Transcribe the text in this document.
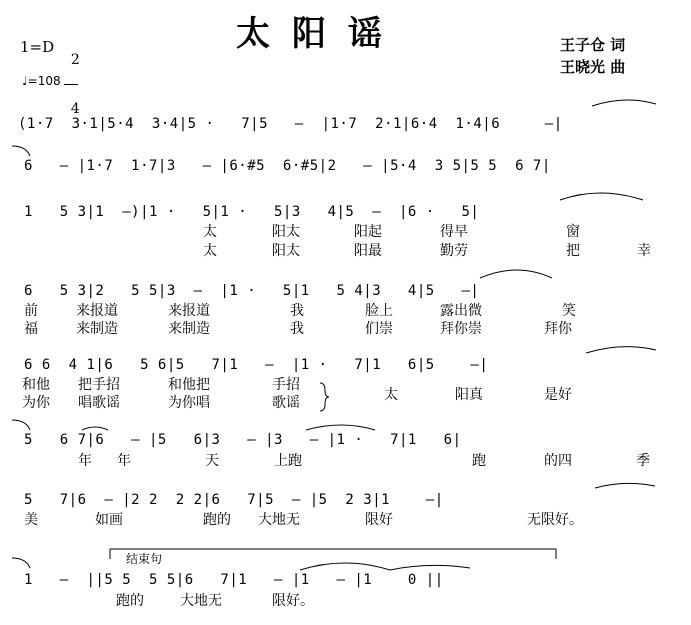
太阳谣	王子仓 词
王晓光 曲
1=D

2

4

♩=108
(1·7  3·1|5·4  3·4|5 ·   7|5   —  |1·7  2·1|6·4  1·4|6     —|
6   — |1·7  1·7|3   — |6·#5  6·#5|2   — |5·4  3 5|5 5  6 7|
1   5 3|1  —)|1 ·   5|1 ·   5|3   4|5  —  |6 ·   5|
6   5 3|2   5 5|3  —  |1 ·   5|1   5 4|3   4|5   —|
6 6  4 1|6   5 6|5   7|1   —  |1 ·   7|1   6|5    —|
5   6 7|6   — |5   6|3   — |3   — |1 ·   7|1   6|
5   7|6  — |2 2  2 2|6   7|5  — |5  2 3|1    —|
1   —  ||5 5  5 5|6   7|1   — |1   — |1    0 ||
太	阳太	阳起	得早	窗
太	阳太	阳最	勤劳	把	幸
前	来报道	来报道	我	脸上	露出微	笑
福	来制造	来制造	我	们崇	拜你崇	拜你
和他 把手招	和他把	手招
太	阳真	是好
为你 唱歌谣	为你唱	歌谣
年 年	天	上跑	跑	的四	季
美	如画	跑的 大地无	限好	无限好。
结束句
跑的	大地无	限好。
